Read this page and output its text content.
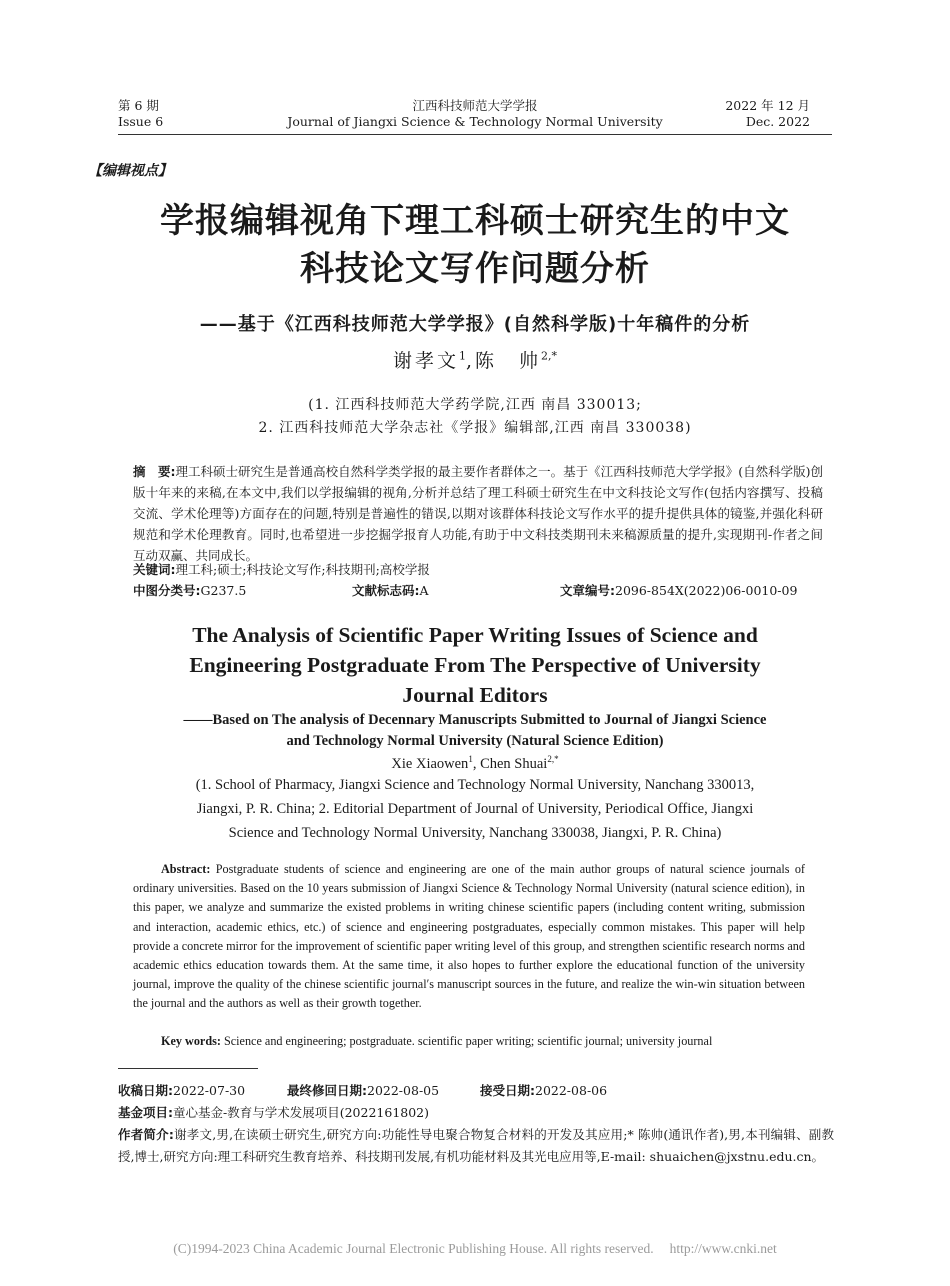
第 6 期
Issue 6
江西科技师范大学学报
Journal of Jiangxi Science & Technology Normal University
2022 年 12 月
Dec. 2022
【编辑视点】
学报编辑视角下理工科硕士研究生的中文
科技论文写作问题分析
——基于《江西科技师范大学学报》(自然科学版)十年稿件的分析
谢孝文$^1$,陈　帅$^{2,*}$
(1. 江西科技师范大学药学院,江西 南昌 330013;
2. 江西科技师范大学杂志社《学报》编辑部,江西 南昌 330038)
摘　要:理工科硕士研究生是普通高校自然科学类学报的最主要作者群体之一。基于《江西科技师范大学学报》(自然科学版)创版十年来的来稿,在本文中,我们以学报编辑的视角,分析并总结了理工科硕士研究生在中文科技论文写作(包括内容撰写、投稿交流、学术伦理等)方面存在的问题,特别是普遍性的错误,以期对该群体科技论文写作水平的提升提供具体的镜鉴,并强化科研规范和学术伦理教育。同时,也希望进一步挖掘学报育人功能,有助于中文科技类期刊未来稿源质量的提升,实现期刊-作者之间互动双赢、共同成长。
关键词:理工科;硕士;科技论文写作;科技期刊;高校学报
中图分类号:G237.5	文献标志码:A	文章编号:2096-854X(2022)06-0010-09
The Analysis of Scientific Paper Writing Issues of Science and
Engineering Postgraduate From The Perspective of University
Journal Editors
——Based on The analysis of Decennary Manuscripts Submitted to Journal of Jiangxi Science
and Technology Normal University (Natural Science Edition)
Xie Xiaowen$^1$, Chen Shuai$^{2,*}$
(1. School of Pharmacy, Jiangxi Science and Technology Normal University, Nanchang 330013,
Jiangxi, P. R. China; 2. Editorial Department of Journal of University, Periodical Office, Jiangxi
Science and Technology Normal University, Nanchang 330038, Jiangxi, P. R. China)
Abstract: Postgraduate students of science and engineering are one of the main author groups of natural science journals of ordinary universities. Based on the 10 years submission of Jiangxi Science & Technology Normal University (natural science edition), in this paper, we analyze and summarize the existed problems in writing chinese scientific papers (including content writing, submission and interaction, academic ethics, etc.) of science and engineering postgraduates, especially common mistakes. This paper will help provide a concrete mirror for the improvement of scientific paper writing level of this group, and strengthen scientific research norms and academic ethics education towards them. At the same time, it also hopes to further explore the educational function of the university journal, improve the quality of the chinese scientific journal′s manuscript sources in the future, and realize the win-win situation between the journal and the authors as well as their growth together.
Key words: Science and engineering; postgraduate. scientific paper writing; scientific journal; university journal
收稿日期:2022-07-30	最终修回日期:2022-08-05	接受日期:2022-08-06
基金项目:童心基金-教育与学术发展项目(2022161802)
作者简介:谢孝文,男,在读硕士研究生,研究方向:功能性导电聚合物复合材料的开发及其应用;* 陈帅(通讯作者),男,本刊编辑、副教授,博士,研究方向:理工科研究生教育培养、科技期刊发展,有机功能材料及其光电应用等,E-mail: shuaichen@jxstnu.edu.cn。
(C)1994-2023 China Academic Journal Electronic Publishing House. All rights reserved. http://www.cnki.net
